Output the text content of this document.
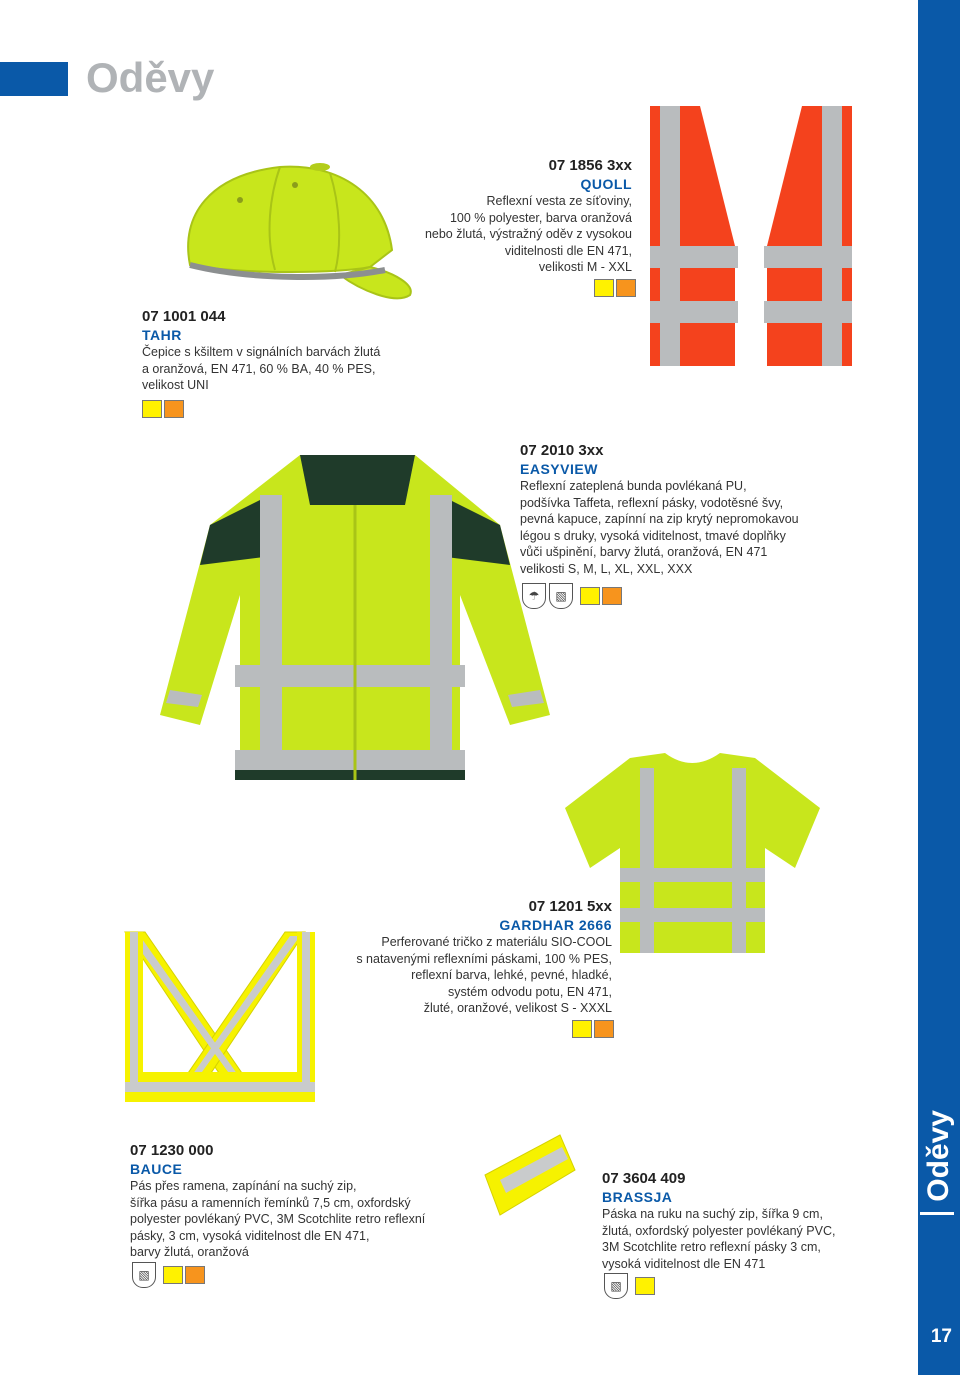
Oděvy
Oděvy
17
07 1856 3xx
QUOLL

Reflexní vesta ze síťoviny,

100 % polyester, barva oranžová

nebo žlutá, výstražný oděv z vysokou

viditelnosti dle EN 471,

velikosti M - XXL

07 1001 044
TAHR

Čepice s kšiltem v signálních barvách žlutá

a oranžová, EN 471, 60 % BA, 40 % PES,

velikost UNI

07 2010 3xx
EASYVIEW

Reflexní zateplená bunda povlékaná PU,

podšívka Taffeta, reflexní pásky, vodotěsné švy,

pevná kapuce, zapínní na zip krytý nepromokavou

légou s druky, vysoká viditelnost, tmavé doplňky

vůči ušpinění, barvy žlutá, oranžová, EN 471

velikosti S, M, L, XL, XXL, XXX

☂	▧
07 1201 5xx
GARDHAR 2666

Perferované tričko z materiálu SIO-COOL

s natavenými reflexními páskami, 100 % PES,

reflexní barva, lehké, pevné, hladké,

systém odvodu potu, EN 471,

žluté, oranžové, velikost S - XXXL

07 1230 000
BAUCE

Pás přes ramena, zapínání na suchý zip,

šířka pásu a ramenních řemínků 7,5 cm, oxfordský

polyester povlékaný PVC, 3M Scotchlite retro reflexní

pásky, 3 cm, vysoká viditelnost dle EN 471,

barvy žlutá, oranžová

▧
07 3604 409
BRASSJA

Páska na ruku na suchý zip, šířka 9 cm,

žlutá, oxfordský polyester povlékaný PVC,

3M Scotchlite retro reflexní pásky 3 cm,

vysoká viditelnost dle EN 471

▧
